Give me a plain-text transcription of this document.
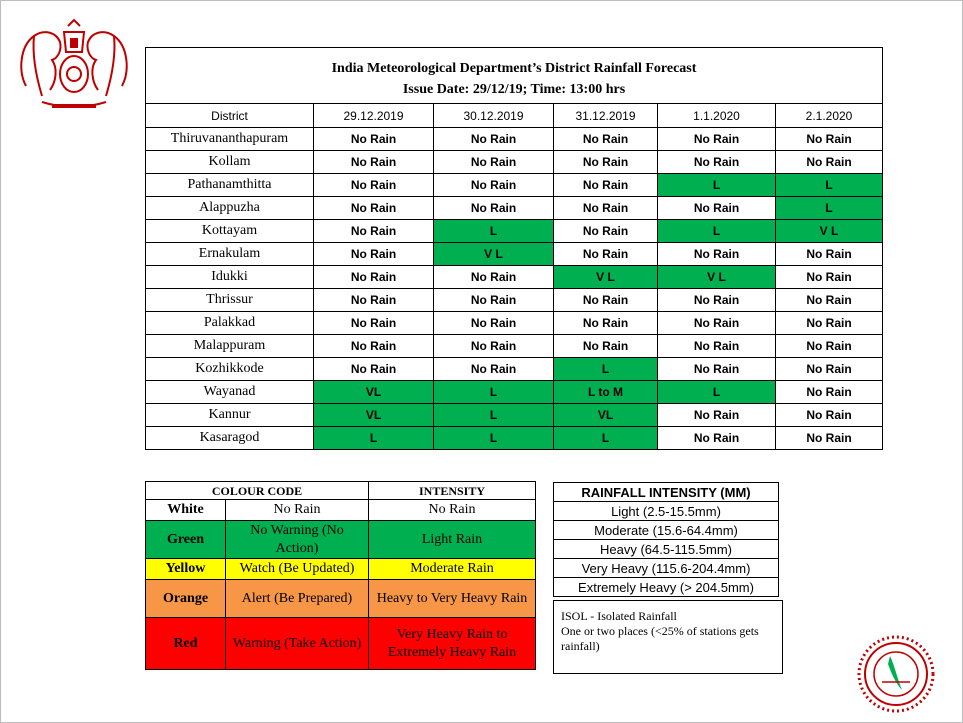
India Meteorological Department’s District Rainfall Forecast					
Issue Date: 29/12/19; Time: 13:00 hrs					
District	29.12.2019	30.12.2019	31.12.2019	1.1.2020	2.1.2020
Thiruvananthapuram	No Rain	No Rain	No Rain	No Rain	No Rain
Kollam	No Rain	No Rain	No Rain	No Rain	No Rain
Pathanamthitta	No Rain	No Rain	No Rain	L	L
Alappuzha	No Rain	No Rain	No Rain	No Rain	L
Kottayam	No Rain	L	No Rain	L	V L
Ernakulam	No Rain	V L	No Rain	No Rain	No Rain
Idukki	No Rain	No Rain	V L	V L	No Rain
Thrissur	No Rain	No Rain	No Rain	No Rain	No Rain
Palakkad	No Rain	No Rain	No Rain	No Rain	No Rain
Malappuram	No Rain	No Rain	No Rain	No Rain	No Rain
Kozhikkode	No Rain	No Rain	L	No Rain	No Rain
Wayanad	VL	L	L to M	L	No Rain
Kannur	VL	L	VL	No Rain	No Rain
Kasaragod	L	L	L	No Rain	No Rain
COLOUR CODE		INTENSITY
White	No Rain	No Rain
Green	No Warning (No Action)	Light Rain
Yellow	Watch (Be Updated)	Moderate Rain
Orange	Alert (Be Prepared)	Heavy to Very Heavy Rain
Red	Warning (Take Action)	Very Heavy Rain to Extremely Heavy Rain
RAINFALL INTENSITY (MM)
Light (2.5-15.5mm)
Moderate (15.6-64.4mm)
Heavy (64.5-115.5mm)
Very Heavy (115.6-204.4mm)
Extremely Heavy (> 204.5mm)
ISOL - Isolated Rainfall
One or two places (<25% of stations gets rainfall)
